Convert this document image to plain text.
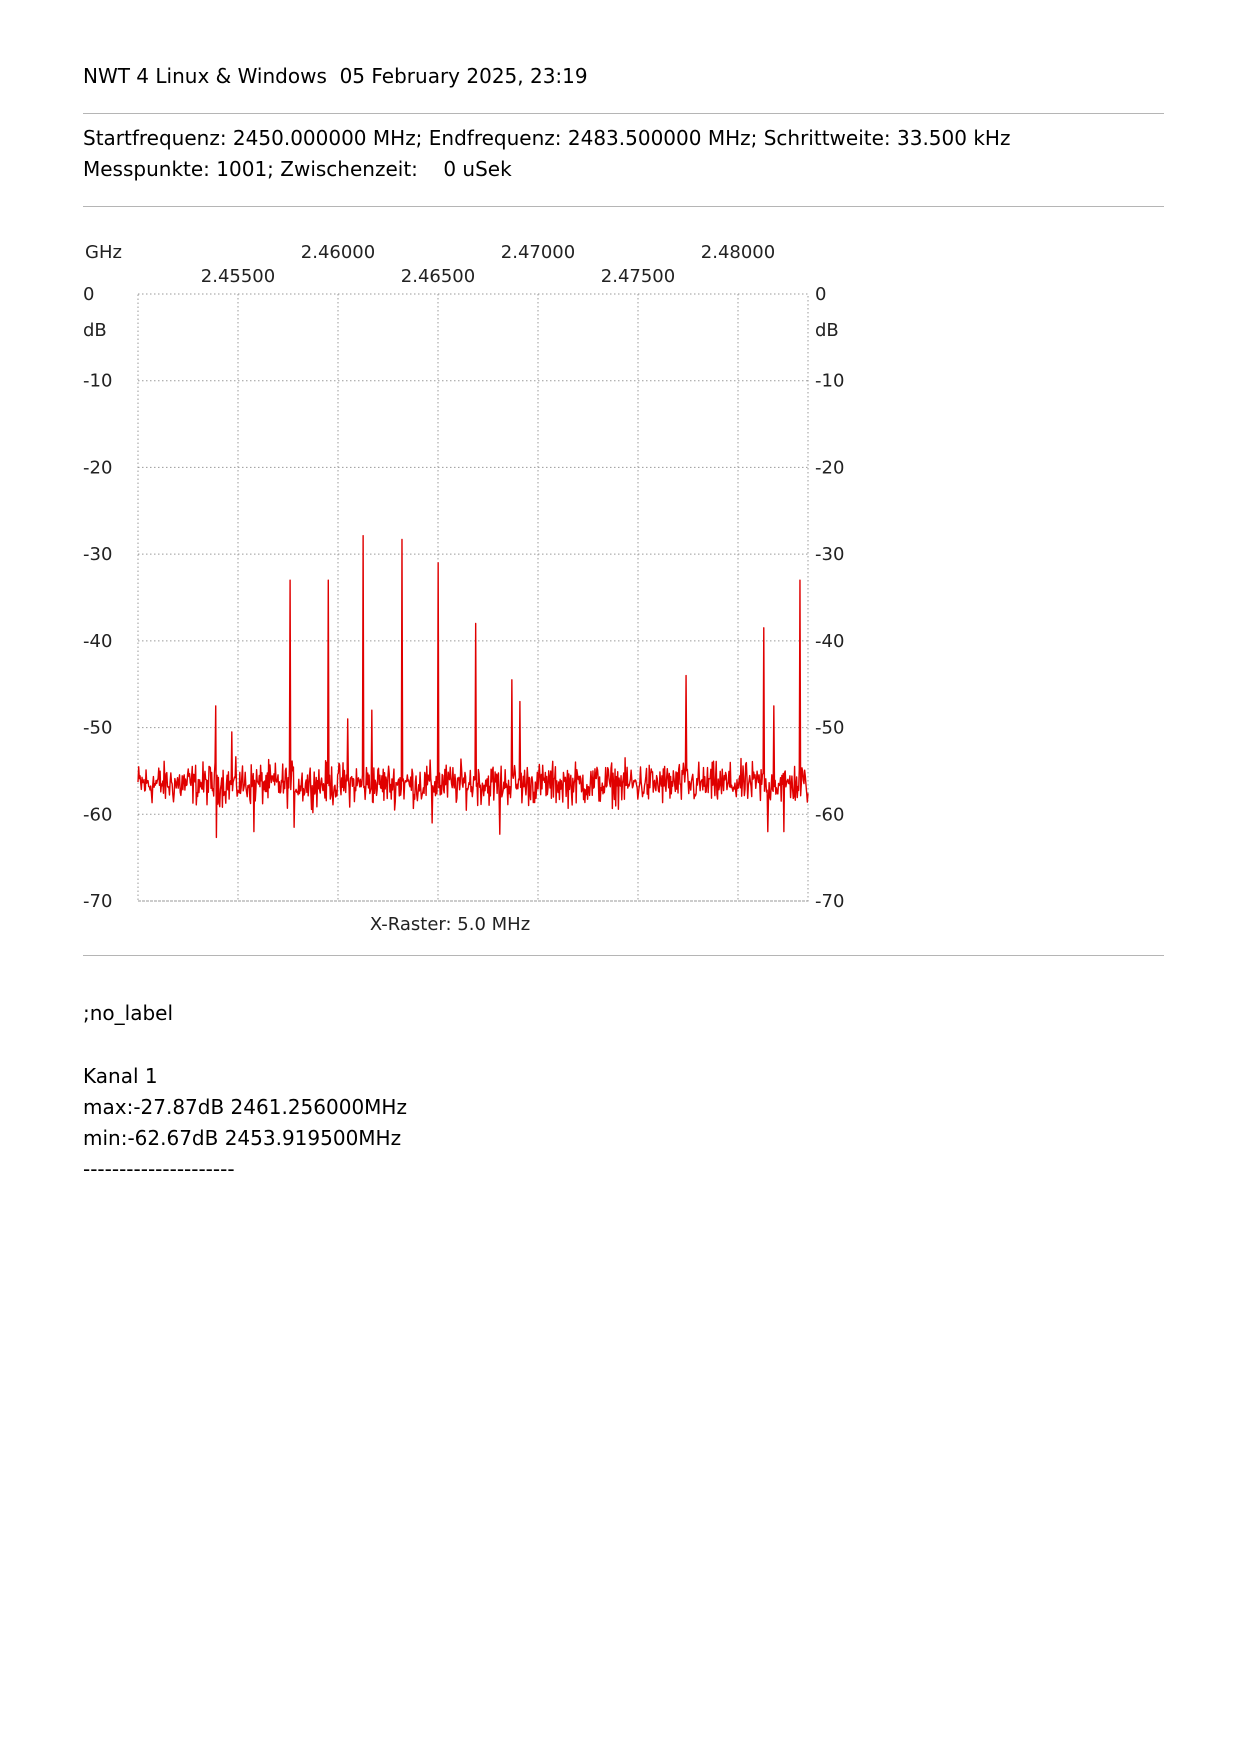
NWT 4 Linux & Windows  05 February 2025, 23:19
Startfrequenz: 2450.000000 MHz; Endfrequenz: 2483.500000 MHz; Schrittweite: 33.500 kHz
Messpunkte: 1001; Zwischenzeit:    0 uSek
GHz
dB	dB
X-Raster: 5.0 MHz
0	0
-10	-10
-20	-20
-30	-30
-40	-40
-50	-50
-60	-60
-70	-70
2.46000	2.47000	2.48000
2.45500	2.46500	2.47500
;no_label
Kanal 1
max:-27.87dB 2461.256000MHz
min:-62.67dB 2453.919500MHz
---------------------
